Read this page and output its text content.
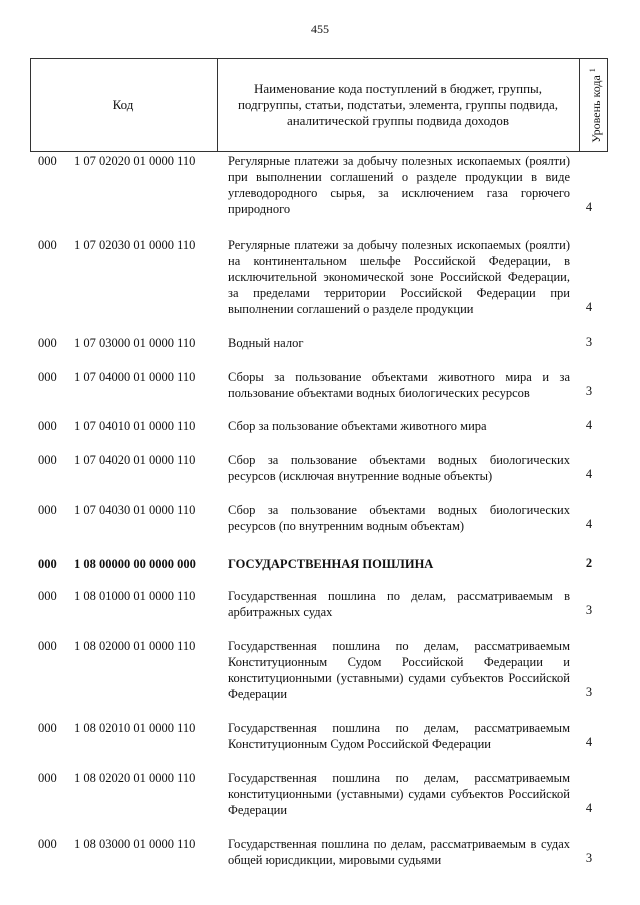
455
Код
Наименование кода поступлений в бюджет, группы, подгруппы, статьи, подстатьи, элемента, группы подвида, аналитической группы подвида доходов	Уровень кода $^1$
000	1 07 02020 01 0000 110	Регулярные платежи за добычу полезных ископаемых (роялти) при выполнении соглашений о разделе продукции в виде углеводородного сырья, за исключением газа горючего природного	4
000	1 07 02030 01 0000 110	Регулярные платежи за добычу полезных ископаемых (роялти) на континентальном шельфе Российской Федерации, в исключительной экономической зоне Российской Федерации, за пределами территории Российской Федерации при выполнении соглашений о разделе продукции	4
000	1 07 03000 01 0000 110	Водный налог	3
000	1 07 04000 01 0000 110	Сборы за пользование объектами животного мира и за пользование объектами водных биологических ресурсов	3
000	1 07 04010 01 0000 110	Сбор за пользование объектами животного мира	4
000	1 07 04020 01 0000 110	Сбор за пользование объектами водных биологических ресурсов (исключая внутренние водные объекты)	4
000	1 07 04030 01 0000 110	Сбор за пользование объектами водных биологических ресурсов (по внутренним водным объектам)	4
000	1 08 00000 00 0000 000	ГОСУДАРСТВЕННАЯ ПОШЛИНА	2
000	1 08 01000 01 0000 110	Государственная пошлина по делам, рассматриваемым в арбитражных судах	3
000	1 08 02000 01 0000 110	Государственная пошлина по делам, рассматриваемым Конституционным Судом Российской Федерации и конституционными (уставными) судами субъектов Российской Федерации	3
000	1 08 02010 01 0000 110	Государственная пошлина по делам, рассматриваемым Конституционным Судом Российской Федерации	4
000	1 08 02020 01 0000 110	Государственная пошлина по делам, рассматриваемым конституционными (уставными) судами субъектов Российской Федерации	4
000	1 08 03000 01 0000 110	Государственная пошлина по делам, рассматриваемым в судах общей юрисдикции, мировыми судьями	3
